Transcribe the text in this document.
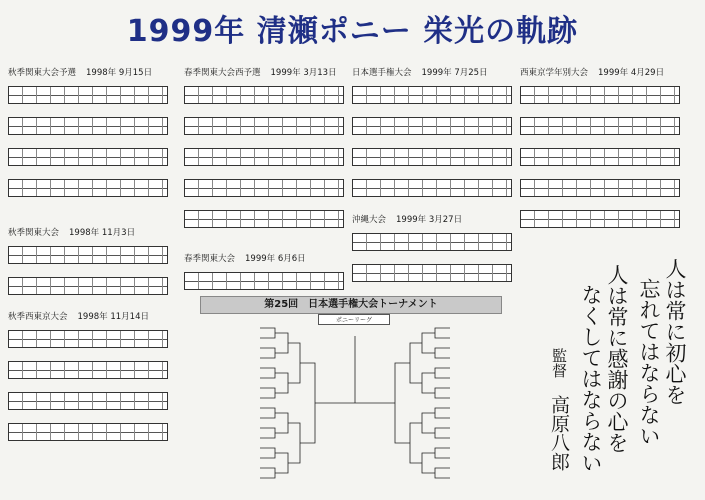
1999年 清瀬ポニー 栄光の軌跡
秋季関東大会予選 1998年 9月15日
秋季関東大会 1998年 11月3日
秋季西東京大会 1998年 11月14日
春季関東大会西予選 1999年 3月13日
春季関東大会 1999年 6月6日
日本選手権大会 1999年 7月25日
沖縄大会 1999年 3月27日
西東京学年別大会 1999年 4月29日
第25回 日本選手権大会トーナメント
ポニーリーグ	人は常に初心を
忘れてはならない
人は常に感謝の心を
なくしてはならない
監督
高原八郎
